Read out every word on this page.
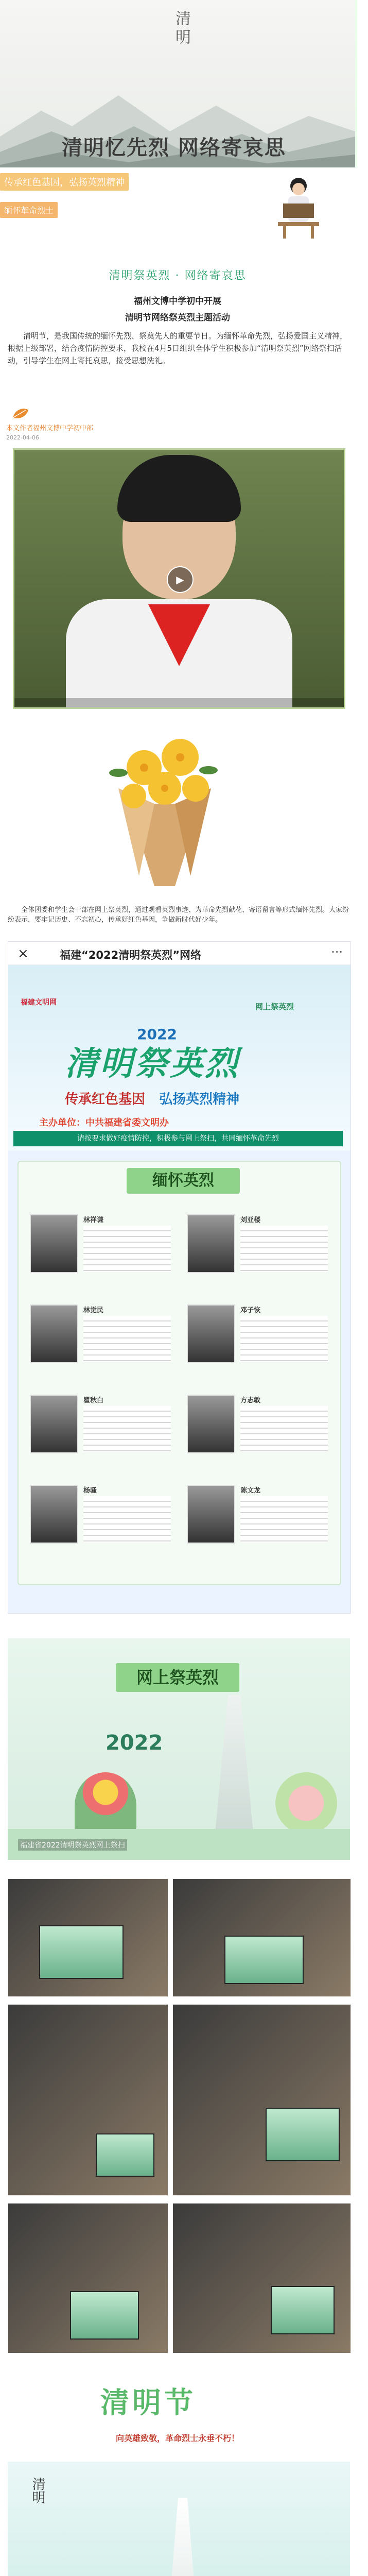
清明
清明忆先烈 网络寄哀思
传承红色基因，弘扬英烈精神
缅怀革命烈士
清明祭英烈 · 网络寄哀思
福州文博中学初中开展
清明节网络祭英烈主题活动
清明节，是我国传统的缅怀先烈、祭奠先人的重要节日。为缅怀革命先烈，弘扬爱国主义精神，根据上级部署，结合疫情防控要求，我校在4月5日组织全体学生积极参加“清明祭英烈”网络祭扫活动，引导学生在网上寄托哀思，接受思想洗礼。
本文作者福州文博中学初中部
2022-04-06
▶
全体团委和学生会干部在网上祭英烈，通过观看英烈事迹、为革命先烈献花、寄语留言等形式缅怀先烈。大家纷纷表示，要牢记历史、不忘初心，传承好红色基因，争做新时代好少年。
×	福建“2022清明祭英烈”网络	···
福建文明网	网上祭英烈
2022
清明祭英烈
传承红色基因 弘扬英烈精神
主办单位：中共福建省委文明办
请按要求做好疫情防控，积极参与网上祭扫，共同缅怀革命先烈
缅怀英烈
林祥谦	刘亚楼
林觉民	邓子恢
瞿秋白	方志敏
杨骚	陈文龙
网上祭英烈
2022
福建省2022清明祭英烈网上祭扫
清明节
向英雄致敬，革命烈士永垂不朽！
清明
